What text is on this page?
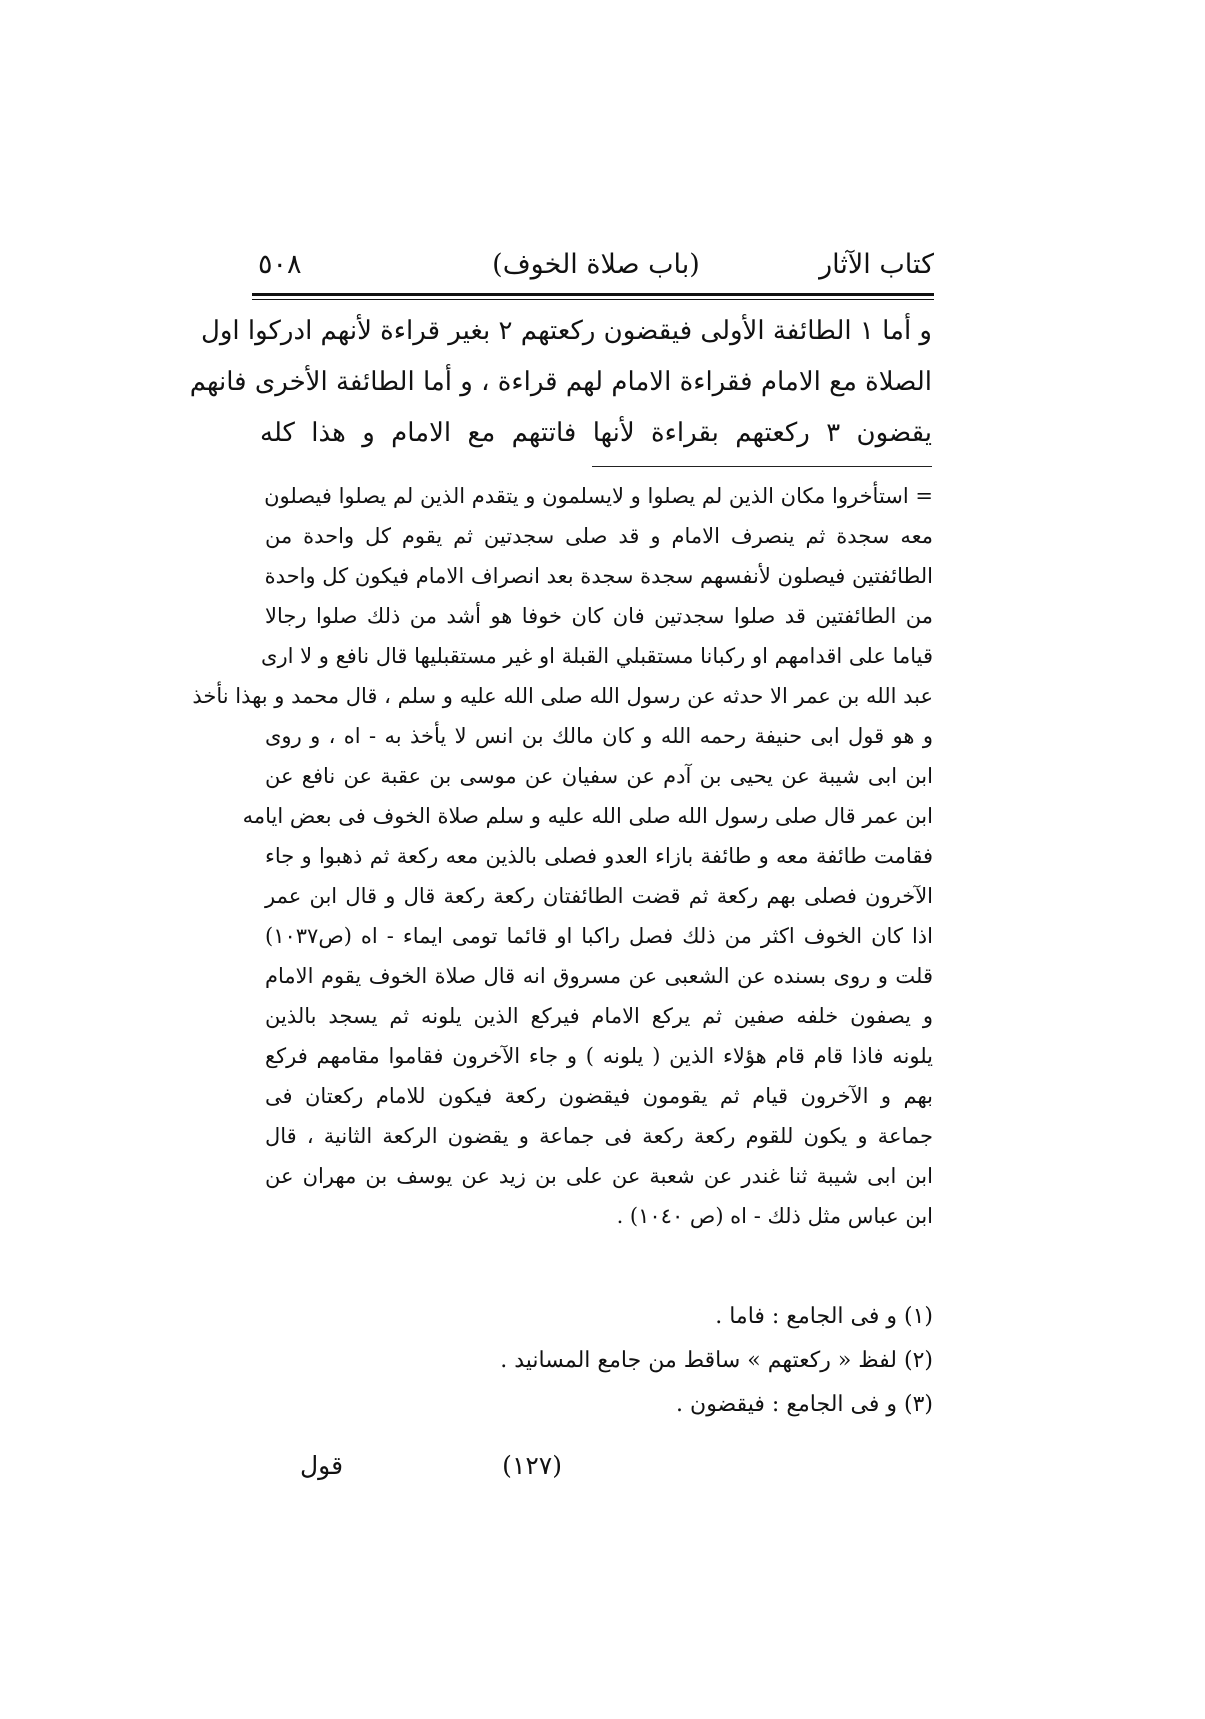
كتاب الآثار
(باب صلاة الخوف)
٥٠٨
و أما ١ الطائفة الأولى فيقضون ركعتهم ٢ بغير قراءة لأنهم ادركوا اول
الصلاة مع الامام فقراءة الامام لهم قراءة ، و أما الطائفة الأخرى فانهم
يقضون ٣ ركعتهم بقراءة لأنها فاتتهم مع الامام و هذا كله
= استأخروا مكان الذين لم يصلوا و لايسلمون و يتقدم الذين لم يصلوا فيصلون
معه سجدة ثم ينصرف الامام و قد صلى سجدتين ثم يقوم كل واحدة من
الطائفتين فيصلون لأنفسهم سجدة سجدة بعد انصراف الامام فيكون كل واحدة
من الطائفتين قد صلوا سجدتين فان كان خوفا هو أشد من ذلك صلوا رجالا
قياما على اقدامهم او ركبانا مستقبلي القبلة او غير مستقبليها قال نافع و لا ارى
عبد الله بن عمر الا حدثه عن رسول الله صلى الله عليه و سلم ، قال محمد و بهذا نأخذ
و هو قول ابى حنيفة رحمه الله و كان مالك بن انس لا يأخذ به - اه ، و روى
ابن ابى شيبة عن يحيى بن آدم عن سفيان عن موسى بن عقبة عن نافع عن
ابن عمر قال صلى رسول الله صلى الله عليه و سلم صلاة الخوف فى بعض ايامه
فقامت طائفة معه و طائفة بازاء العدو فصلى بالذين معه ركعة ثم ذهبوا و جاء
الآخرون فصلى بهم ركعة ثم قضت الطائفتان ركعة ركعة قال و قال ابن عمر
اذا كان الخوف اكثر من ذلك فصل راكبا او قائما تومى ايماء - اه (ص١٠٣٧)
قلت و روى بسنده عن الشعبى عن مسروق انه قال صلاة الخوف يقوم الامام
و يصفون خلفه صفين ثم يركع الامام فيركع الذين يلونه ثم يسجد بالذين
يلونه فاذا قام قام هؤلاء الذين ( يلونه ) و جاء الآخرون فقاموا مقامهم فركع
بهم و الآخرون قيام ثم يقومون فيقضون ركعة فيكون للامام ركعتان فى
جماعة و يكون للقوم ركعة ركعة فى جماعة و يقضون الركعة الثانية ، قال
ابن ابى شيبة ثنا غندر عن شعبة عن على بن زيد عن يوسف بن مهران عن
ابن عباس مثل ذلك - اه (ص ١٠٤٠) .
(١) و فى الجامع : فاما .
(٢) لفظ « ركعتهم » ساقط من جامع المسانيد .
(٣) و فى الجامع : فيقضون .
(١٢٧)
قول
